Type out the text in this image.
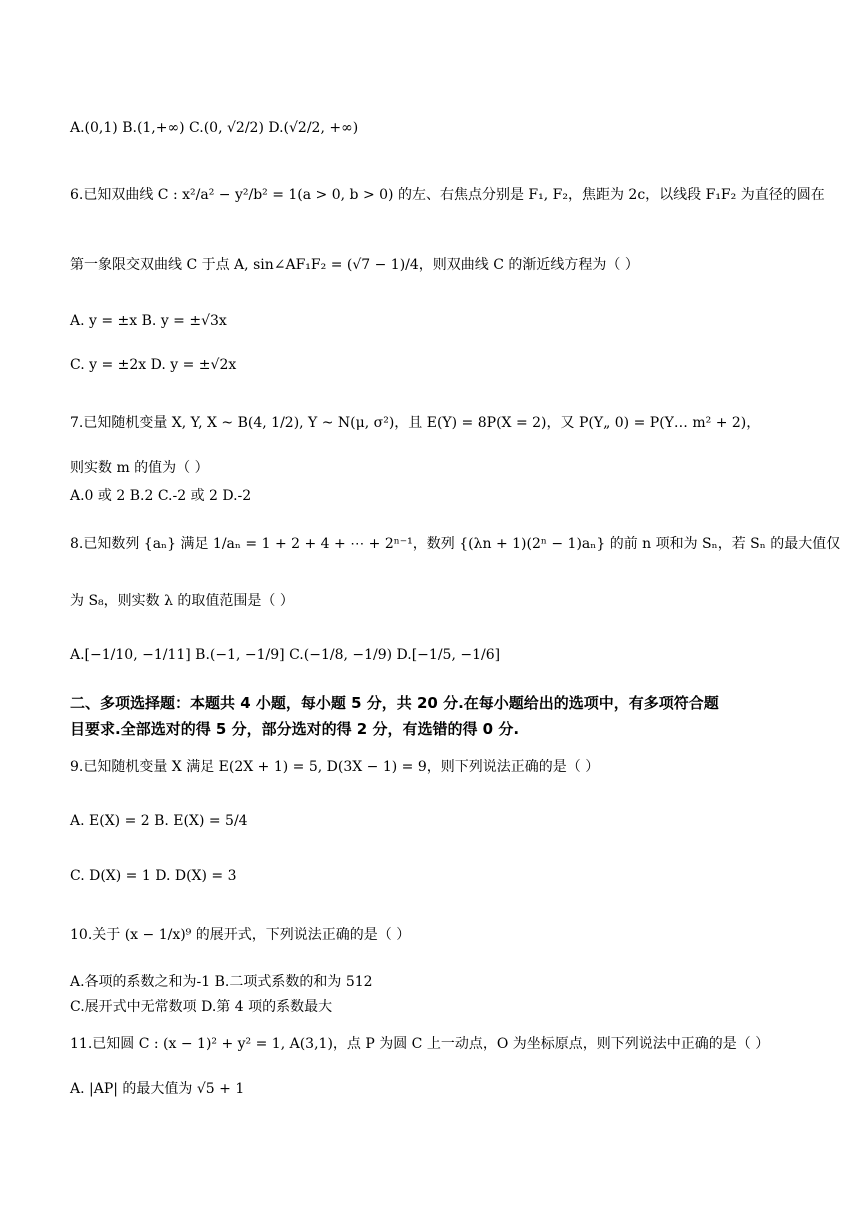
A.(0,1) B.(1,+∞) C.(0, √2/2) D.(√2/2, +∞)
6.已知双曲线 C : x²/a² − y²/b² = 1(a > 0, b > 0) 的左、右焦点分别是 F₁, F₂，焦距为 2c，以线段 F₁F₂ 为直径的圆在
第一象限交双曲线 C 于点 A, sin∠AF₁F₂ = (√7 − 1)/4，则双曲线 C 的渐近线方程为（ ）
A. y = ±x B. y = ±√3x
C. y = ±2x D. y = ±√2x
7.已知随机变量 X, Y, X ~ B(4, 1/2), Y ~ N(μ, σ²)，且 E(Y) = 8P(X = 2)，又 P(Y„ 0) = P(Y… m² + 2)，
则实数 m 的值为（ ）
A.0 或 2 B.2 C.-2 或 2 D.-2
8.已知数列 {aₙ} 满足 1/aₙ = 1 + 2 + 4 + ⋯ + 2ⁿ⁻¹，数列 {(λn + 1)(2ⁿ − 1)aₙ} 的前 n 项和为 Sₙ，若 Sₙ 的最大值仅
为 S₈，则实数 λ 的取值范围是（ ）
A.[−1/10, −1/11] B.(−1, −1/9] C.(−1/8, −1/9) D.[−1/5, −1/6]
二、多项选择题：本题共 4 小题，每小题 5 分，共 20 分.在每小题给出的选项中，有多项符合题
目要求.全部选对的得 5 分，部分选对的得 2 分，有选错的得 0 分.
9.已知随机变量 X 满足 E(2X + 1) = 5, D(3X − 1) = 9，则下列说法正确的是（ ）
A. E(X) = 2 B. E(X) = 5/4
C. D(X) = 1 D. D(X) = 3
10.关于 (x − 1/x)⁹ 的展开式，下列说法正确的是（ ）
A.各项的系数之和为-1 B.二项式系数的和为 512
C.展开式中无常数项 D.第 4 项的系数最大
11.已知圆 C : (x − 1)² + y² = 1, A(3,1)，点 P 为圆 C 上一动点，O 为坐标原点，则下列说法中正确的是（ ）
A. |AP| 的最大值为 √5 + 1
